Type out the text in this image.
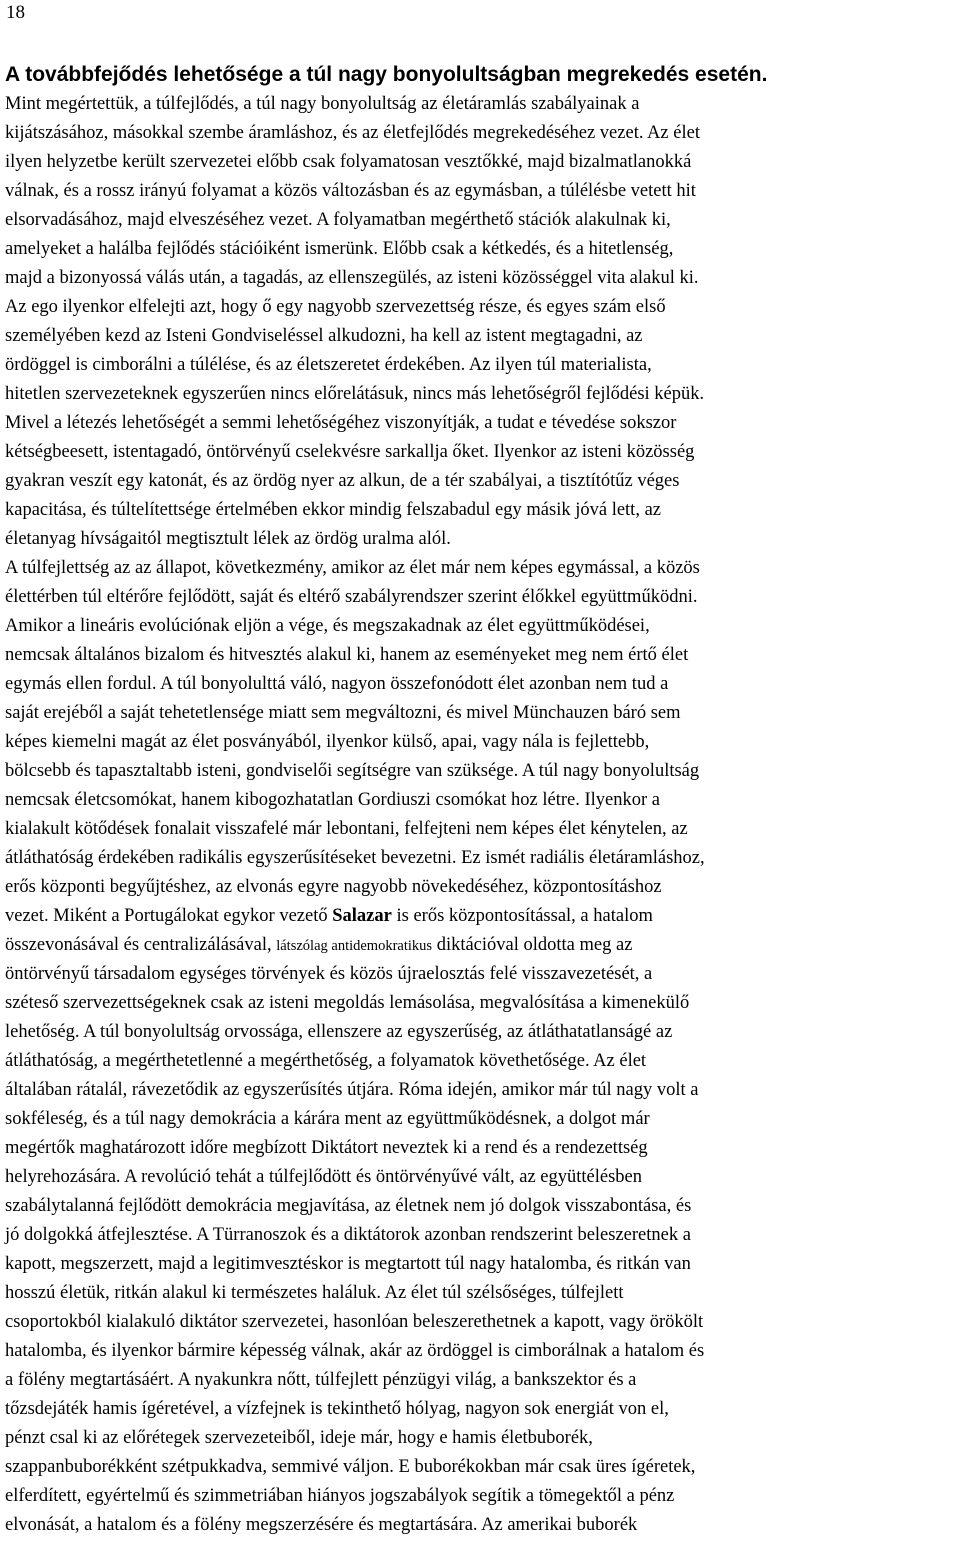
18
A továbbfejődés lehetősége a túl nagy bonyolultságban megrekedés esetén.
Mint megértettük, a túlfejlődés, a túl nagy bonyolultság az életáramlás szabályainak a
kijátszásához, másokkal szembe áramláshoz, és az életfejlődés megrekedéséhez vezet. Az élet
ilyen helyzetbe került szervezetei előbb csak folyamatosan vesztőkké, majd bizalmatlanokká
válnak, és a rossz irányú folyamat a közös változásban és az egymásban, a túlélésbe vetett hit
elsorvadásához, majd elveszéséhez vezet. A folyamatban megérthető stációk alakulnak ki,
amelyeket a halálba fejlődés stációiként ismerünk. Előbb csak a kétkedés, és a hitetlenség,
majd a bizonyossá válás után, a tagadás, az ellenszegülés, az isteni közösséggel vita alakul ki.
Az ego ilyenkor elfelejti azt, hogy ő egy nagyobb szervezettség része, és egyes szám első
személyében kezd az Isteni Gondviseléssel alkudozni, ha kell az istent megtagadni, az
ördöggel is cimborálni a túlélése, és az életszeretet érdekében. Az ilyen túl materialista,
hitetlen szervezeteknek egyszerűen nincs előrelátásuk, nincs más lehetőségről fejlődési képük.
Mivel a létezés lehetőségét a semmi lehetőségéhez viszonyítják, a tudat e tévedése sokszor
kétségbeesett, istentagadó, öntörvényű cselekvésre sarkallja őket. Ilyenkor az isteni közösség
gyakran veszít egy katonát, és az ördög nyer az alkun, de a tér szabályai, a tisztítótűz véges
kapacitása, és túltelítettsége értelmében ekkor mindig felszabadul egy másik jóvá lett, az
életanyag hívságaitól megtisztult lélek az ördög uralma alól.
A túlfejlettség az az állapot, következmény, amikor az élet már nem képes egymással, a közös
élettérben túl eltérőre fejlődött, saját és eltérő szabályrendszer szerint élőkkel együttműködni.
Amikor a lineáris evolúciónak eljön a vége, és megszakadnak az élet együttműködései,
nemcsak általános bizalom és hitvesztés alakul ki, hanem az eseményeket meg nem értő élet
egymás ellen fordul. A túl bonyolulttá váló, nagyon összefonódott élet azonban nem tud a
saját erejéből a saját tehetetlensége miatt sem megváltozni, és mivel Münchauzen báró sem
képes kiemelni magát az élet posványából, ilyenkor külső, apai, vagy nála is fejlettebb,
bölcsebb és tapasztaltabb isteni, gondviselői segítségre van szüksége. A túl nagy bonyolultság
nemcsak életcsomókat, hanem kibogozhatatlan Gordiuszi csomókat hoz létre. Ilyenkor a
kialakult kötődések fonalait visszafelé már lebontani, felfejteni nem képes élet kénytelen, az
átláthatóság érdekében radikális egyszerűsítéseket bevezetni. Ez ismét radiális életáramláshoz,
erős központi begyűjtéshez, az elvonás egyre nagyobb növekedéséhez, központosításhoz
vezet. Miként a Portugálokat egykor vezető Salazar is erős központosítással, a hatalom
összevonásával és centralizálásával, látszólag antidemokratikus diktációval oldotta meg az
öntörvényű társadalom egységes törvények és közös újraelosztás felé visszavezetését, a
széteső szervezettségeknek csak az isteni megoldás lemásolása, megvalósítása a kimenekülő
lehetőség. A túl bonyolultság orvossága, ellenszere az egyszerűség, az átláthatatlanságé az
átláthatóság, a megérthetetlenné a megérthetőség, a folyamatok követhetősége. Az élet
általában rátalál, rávezetődik az egyszerűsítés útjára. Róma idején, amikor már túl nagy volt a
sokféleség, és a túl nagy demokrácia a kárára ment az együttműködésnek, a dolgot már
megértők maghatározott időre megbízott Diktátort neveztek ki a rend és a rendezettség
helyrehozására. A revolúció tehát a túlfejlődött és öntörvényűvé vált, az együttélésben
szabálytalanná fejlődött demokrácia megjavítása, az életnek nem jó dolgok visszabontása, és
jó dolgokká átfejlesztése. A Türranoszok és a diktátorok azonban rendszerint beleszeretnek a
kapott, megszerzett, majd a legitimvesztéskor is megtartott túl nagy hatalomba, és ritkán van
hosszú életük, ritkán alakul ki természetes haláluk. Az élet túl szélsőséges, túlfejlett
csoportokból kialakuló diktátor szervezetei, hasonlóan beleszerethetnek a kapott, vagy örökölt
hatalomba, és ilyenkor bármire képesség válnak, akár az ördöggel is cimborálnak a hatalom és
a fölény megtartásáért. A nyakunkra nőtt, túlfejlett pénzügyi világ, a bankszektor és a
tőzsdejáték hamis ígéretével, a vízfejnek is tekinthető hólyag, nagyon sok energiát von el,
pénzt csal ki az előrétegek szervezeteiből, ideje már, hogy e hamis életbuborék,
szappanbuborékként szétpukkadva, semmivé váljon. E buborékokban már csak üres ígéretek,
elferdített, egyértelmű és szimmetriában hiányos jogszabályok segítik a tömegektől a pénz
elvonását, a hatalom és a fölény megszerzésére és megtartására. Az amerikai buborék
